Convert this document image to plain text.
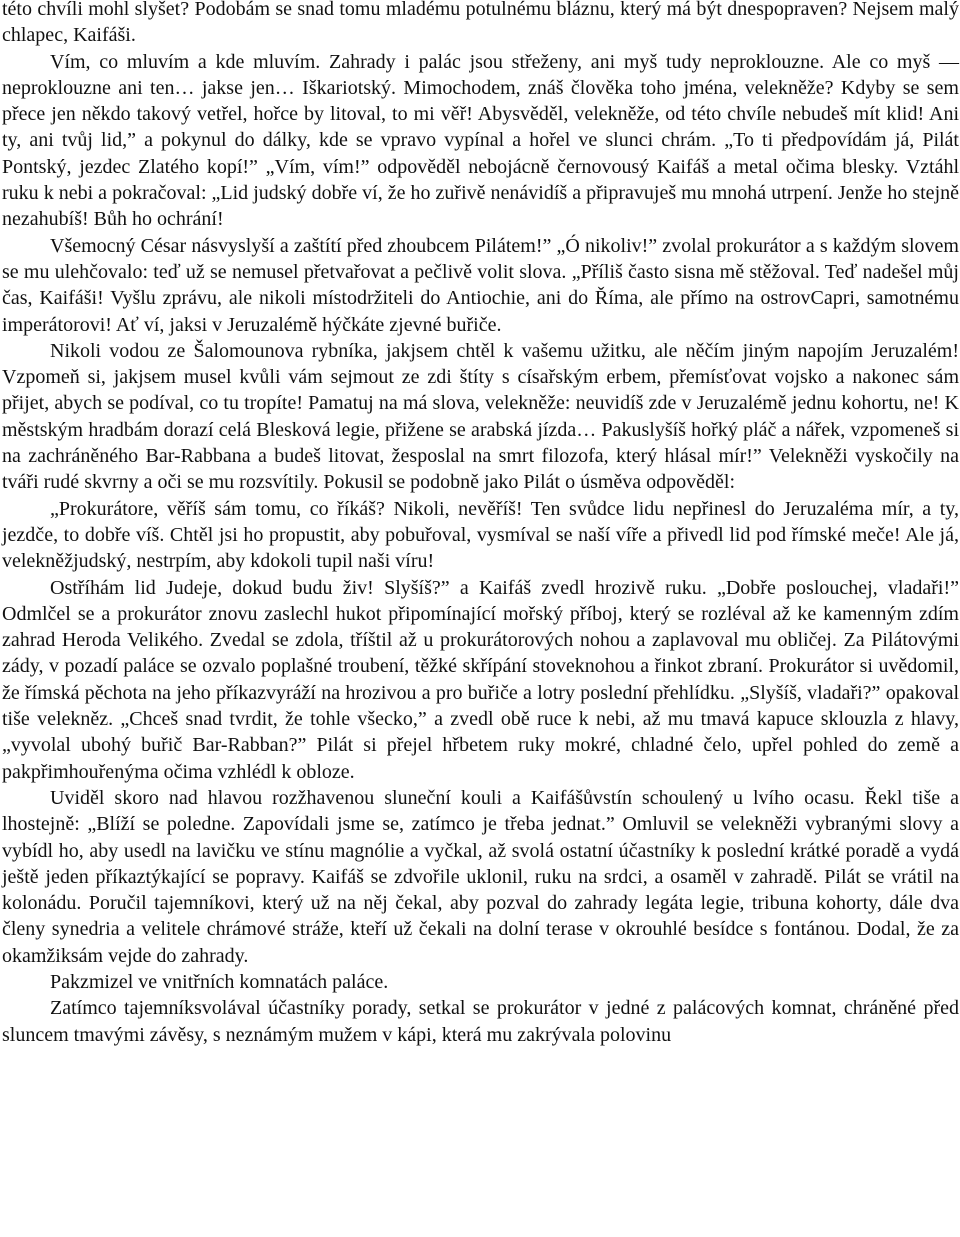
této chvíli mohl slyšet? Podobám se snad tomu mladému potulnému bláznu, který má být dnespopraven? Nejsem malý chlapec, Kaifáši.

Vím, co mluvím a kde mluvím. Zahrady i palác jsou střeženy, ani myš tudy neproklouzne. Ale co myš — neproklouzne ani ten… jakse jen… Iškariotský. Mimochodem, znáš člověka toho jména, velekněže? Kdyby se sem přece jen někdo takový vetřel, hořce by litoval, to mi věř! Abysvěděl, velekněže, od této chvíle nebudeš mít klid! Ani ty, ani tvůj lid,” a pokynul do dálky, kde se vpravo vypínal a hořel ve slunci chrám. „To ti předpovídám já, Pilát Pontský, jezdec Zlatého kopí!” „Vím, vím!” odpověděl nebojácně černovousý Kaifáš a metal očima blesky. Vztáhl ruku k nebi a pokračoval: „Lid judský dobře ví, že ho zuřivě nenávidíš a připravuješ mu mnohá utrpení. Jenže ho stejně nezahubíš! Bůh ho ochrání!

Všemocný César násvyslyší a zaštítí před zhoubcem Pilátem!” „Ó nikoliv!” zvolal prokurátor a s každým slovem se mu ulehčovalo: teď už se nemusel přetvařovat a pečlivě volit slova. „Příliš často sisna mě stěžoval. Teď nadešel můj čas, Kaifáši! Vyšlu zprávu, ale nikoli místodržiteli do Antiochie, ani do Říma, ale přímo na ostrovCapri, samotnému imperátorovi! Ať ví, jaksi v Jeruzalémě hýčkáte zjevné buřiče.

Nikoli vodou ze Šalomounova rybníka, jakjsem chtěl k vašemu užitku, ale něčím jiným napojím Jeruzalém! Vzpomeň si, jakjsem musel kvůli vám sejmout ze zdi štíty s císařským erbem, přemísťovat vojsko a nakonec sám přijet, abych se podíval, co tu tropíte! Pamatuj na má slova, velekněže: neuvidíš zde v Jeruzalémě jednu kohortu, ne! K městským hradbám dorazí celá Blesková legie, přižene se arabská jízda… Pakuslyšíš hořký pláč a nářek, vzpomeneš si na zachráněného Bar-Rabbana a budeš litovat, žesposlal na smrt filozofa, který hlásal mír!” Velekněži vyskočily na tváři rudé skvrny a oči se mu rozsvítily. Pokusil se podobně jako Pilát o úsměva odpověděl:

„Prokurátore, věříš sám tomu, co říkáš? Nikoli, nevěříš! Ten svůdce lidu nepřinesl do Jeruzaléma mír, a ty, jezdče, to dobře víš. Chtěl jsi ho propustit, aby pobuřoval, vysmíval se naší víře a přivedl lid pod římské meče! Ale já, velekněžjudský, nestrpím, aby kdokoli tupil naši víru!

Ostříhám lid Judeje, dokud budu živ! Slyšíš?” a Kaifáš zvedl hrozivě ruku. „Dobře poslouchej, vladaři!” Odmlčel se a prokurátor znovu zaslechl hukot připomínající mořský příboj, který se rozléval až ke kamenným zdím zahrad Heroda Velikého. Zvedal se zdola, tříštil až u prokurátorových nohou a zaplavoval mu obličej. Za Pilátovými zády, v pozadí paláce se ozvalo poplašné troubení, těžké skřípání stoveknohou a řinkot zbraní. Prokurátor si uvědomil, že římská pěchota na jeho příkazvyráží na hrozivou a pro buřiče a lotry poslední přehlídku. „Slyšíš, vladaři?” opakoval tiše velekněz. „Chceš snad tvrdit, že tohle všecko,” a zvedl obě ruce k nebi, až mu tmavá kapuce sklouzla z hlavy, „vyvolal ubohý buřič Bar-Rabban?” Pilát si přejel hřbetem ruky mokré, chladné čelo, upřel pohled do země a pakpřimhouřenýma očima vzhlédl k obloze.

Uviděl skoro nad hlavou rozžhavenou sluneční kouli a Kaifášůvstín schoulený u lvího ocasu. Řekl tiše a lhostejně: „Blíží se poledne. Zapovídali jsme se, zatímco je třeba jednat.” Omluvil se velekněži vybranými slovy a vybídl ho, aby usedl na lavičku ve stínu magnólie a vyčkal, až svolá ostatní účastníky k poslední krátké poradě a vydá ještě jeden příkaztýkající se popravy. Kaifáš se zdvořile uklonil, ruku na srdci, a osaměl v zahradě. Pilát se vrátil na kolonádu. Poručil tajemníkovi, který už na něj čekal, aby pozval do zahrady legáta legie, tribuna kohorty, dále dva členy synedria a velitele chrámové stráže, kteří už čekali na dolní terase v okrouhlé besídce s fontánou. Dodal, že za okamžiksám vejde do zahrady.

Pakzmizel ve vnitřních komnatách paláce.

Zatímco tajemníksvolával účastníky porady, setkal se prokurátor v jedné z palácových komnat, chráněné před sluncem tmavými závěsy, s neznámým mužem v kápi, která mu zakrývala polovinu
